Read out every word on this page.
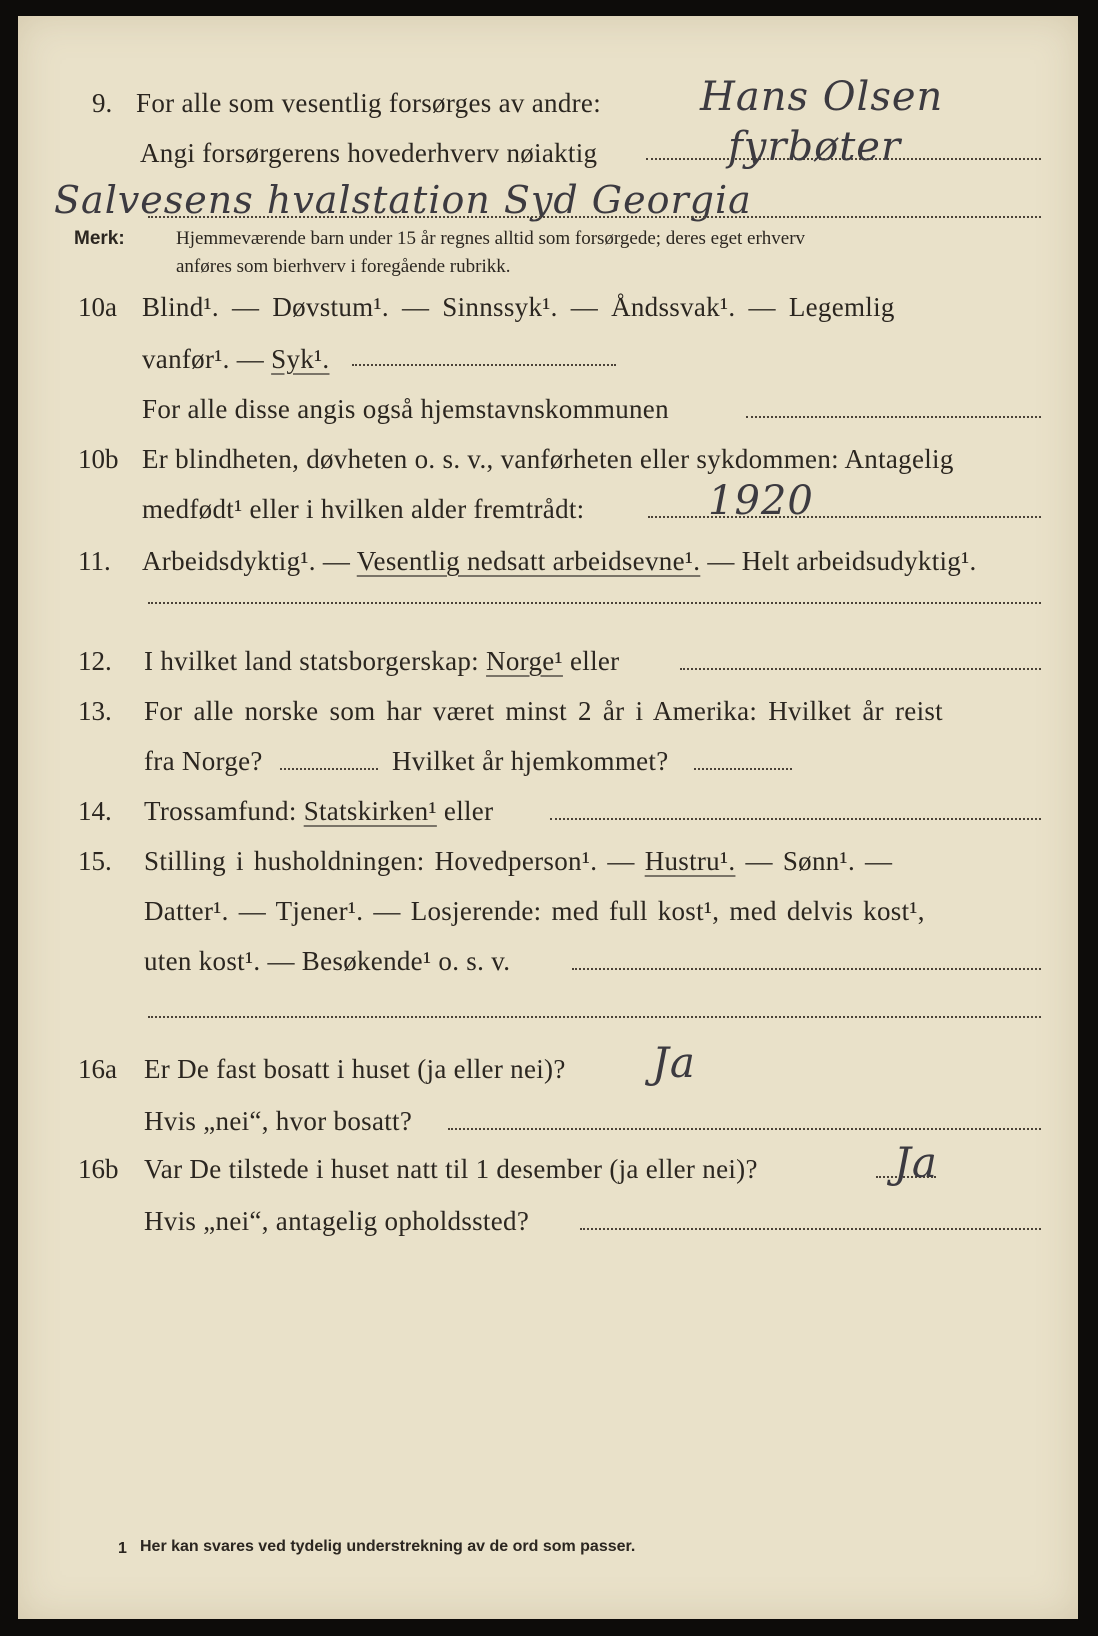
9. For alle som vesentlig forsørges av andre: Hans Olsen
Angi forsørgerens hovederhverv nøiaktig	fyrbøter
Salvesens hvalstation Syd Georgia
Merk:	Hjemmeværende barn under 15 år regnes alltid som forsørgede; deres eget erhverv
anføres som bierhverv i foregående rubrikk.
10a Blind¹. — Døvstum¹. — Sinnssyk¹. — Åndssvak¹. — Legemlig
vanfør¹. — Syk¹.
For alle disse angis også hjemstavnskommunen
10b Er blindheten, døvheten o. s. v., vanførheten eller sykdommen: Antagelig
medfødt¹ eller i hvilken alder fremtrådt:	1920
11. Arbeidsdyktig¹. — Vesentlig nedsatt arbeidsevne¹. — Helt arbeidsudyktig¹.
12. I hvilket land statsborgerskap: Norge¹ eller
13. For alle norske som har været minst 2 år i Amerika: Hvilket år reist
fra Norge?	Hvilket år hjemkommet?
14. Trossamfund: Statskirken¹ eller
15. Stilling i husholdningen: Hovedperson¹. — Hustru¹. — Sønn¹. —
Datter¹. — Tjener¹. — Losjerende: med full kost¹, med delvis kost¹,
uten kost¹. — Besøkende¹ o. s. v.
16a Er De fast bosatt i huset (ja eller nei)? Ja
Hvis „nei“, hvor bosatt?
16b Var De tilstede i huset natt til 1 desember (ja eller nei)?	Ja
Hvis „nei“, antagelig opholdssted?
1 Her kan svares ved tydelig understrekning av de ord som passer.
